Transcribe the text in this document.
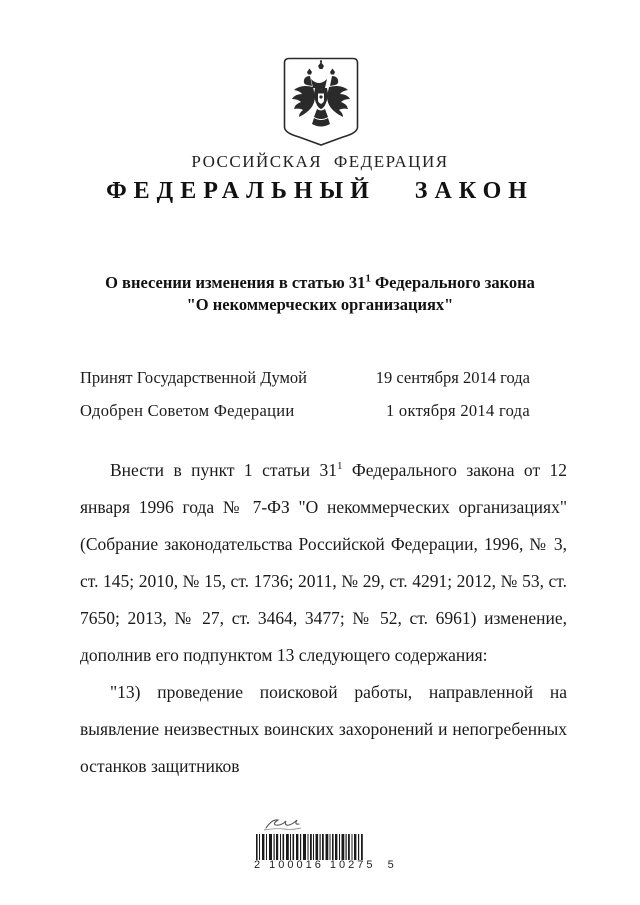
РОССИЙСКАЯ ФЕДЕРАЦИЯ
ФЕДЕРАЛЬНЫЙ ЗАКОН
О внесении изменения в статью $31^1$ Федерального закона
"О некоммерческих организациях"
Принят Государственной Думой	19 сентября 2014 года
Одобрен Советом Федерации	1 октября 2014 года

Внести в пункт 1 статьи $31^1$ Федерального закона от 12 января 1996 года № 7-ФЗ "О некоммерческих организациях" (Собрание законодательства Российской Федерации, 1996, № 3, ст. 145; 2010, № 15, ст. 1736; 2011, № 29, ст. 4291; 2012, № 53, ст. 7650; 2013, № 27, ст. 3464, 3477; № 52, ст. 6961) изменение, дополнив его подпунктом 13 следующего содержания:

"13) проведение поисковой работы, направленной на выявление неизвестных воинских захоронений и непогребенных останков защитников

2 100016 10275  5
